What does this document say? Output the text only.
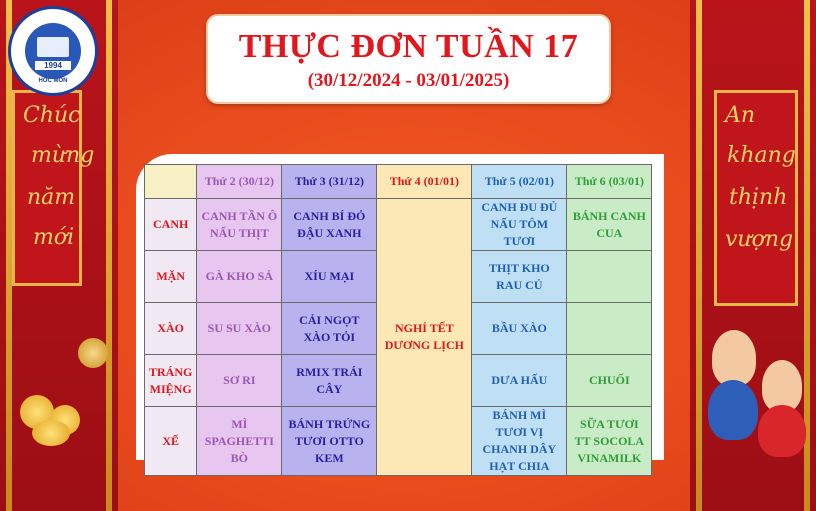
Chúc
mừng
năm
mới
1994
HÓC MÔN
An
khang
thịnh
vượng
THỰC ĐƠN TUẦN 17
(30/12/2024 - 03/01/2025)
	Thứ 2 (30/12)	Thứ 3 (31/12)	Thứ 4 (01/01)	Thứ 5 (02/01)	Thứ 6 (03/01)
CANH	CANH TẦN Ô NẤU THỊT	CANH BÍ ĐỎ ĐẬU XANH	NGHỈ TẾT DƯƠNG LỊCH	CANH ĐU ĐỦ NẤU TÔM TƯƠI	BÁNH CANH CUA
MẶN	GÀ KHO SẢ	XÍU MẠI		THỊT KHO RAU CỦ	
XÀO	SU SU XÀO	CẢI NGỌT XÀO TỎI		BẦU XÀO	
TRÁNG MIỆNG	SƠ RI	RMIX TRÁI CÂY		DƯA HẤU	CHUỐI
XẾ	MÌ SPAGHETTI BÒ	BÁNH TRỨNG TƯƠI OTTO KEM		BÁNH MÌ TƯƠI VỊ CHANH DÂY HẠT CHIA	SỮA TƯƠI TT SOCOLA VINAMILK
